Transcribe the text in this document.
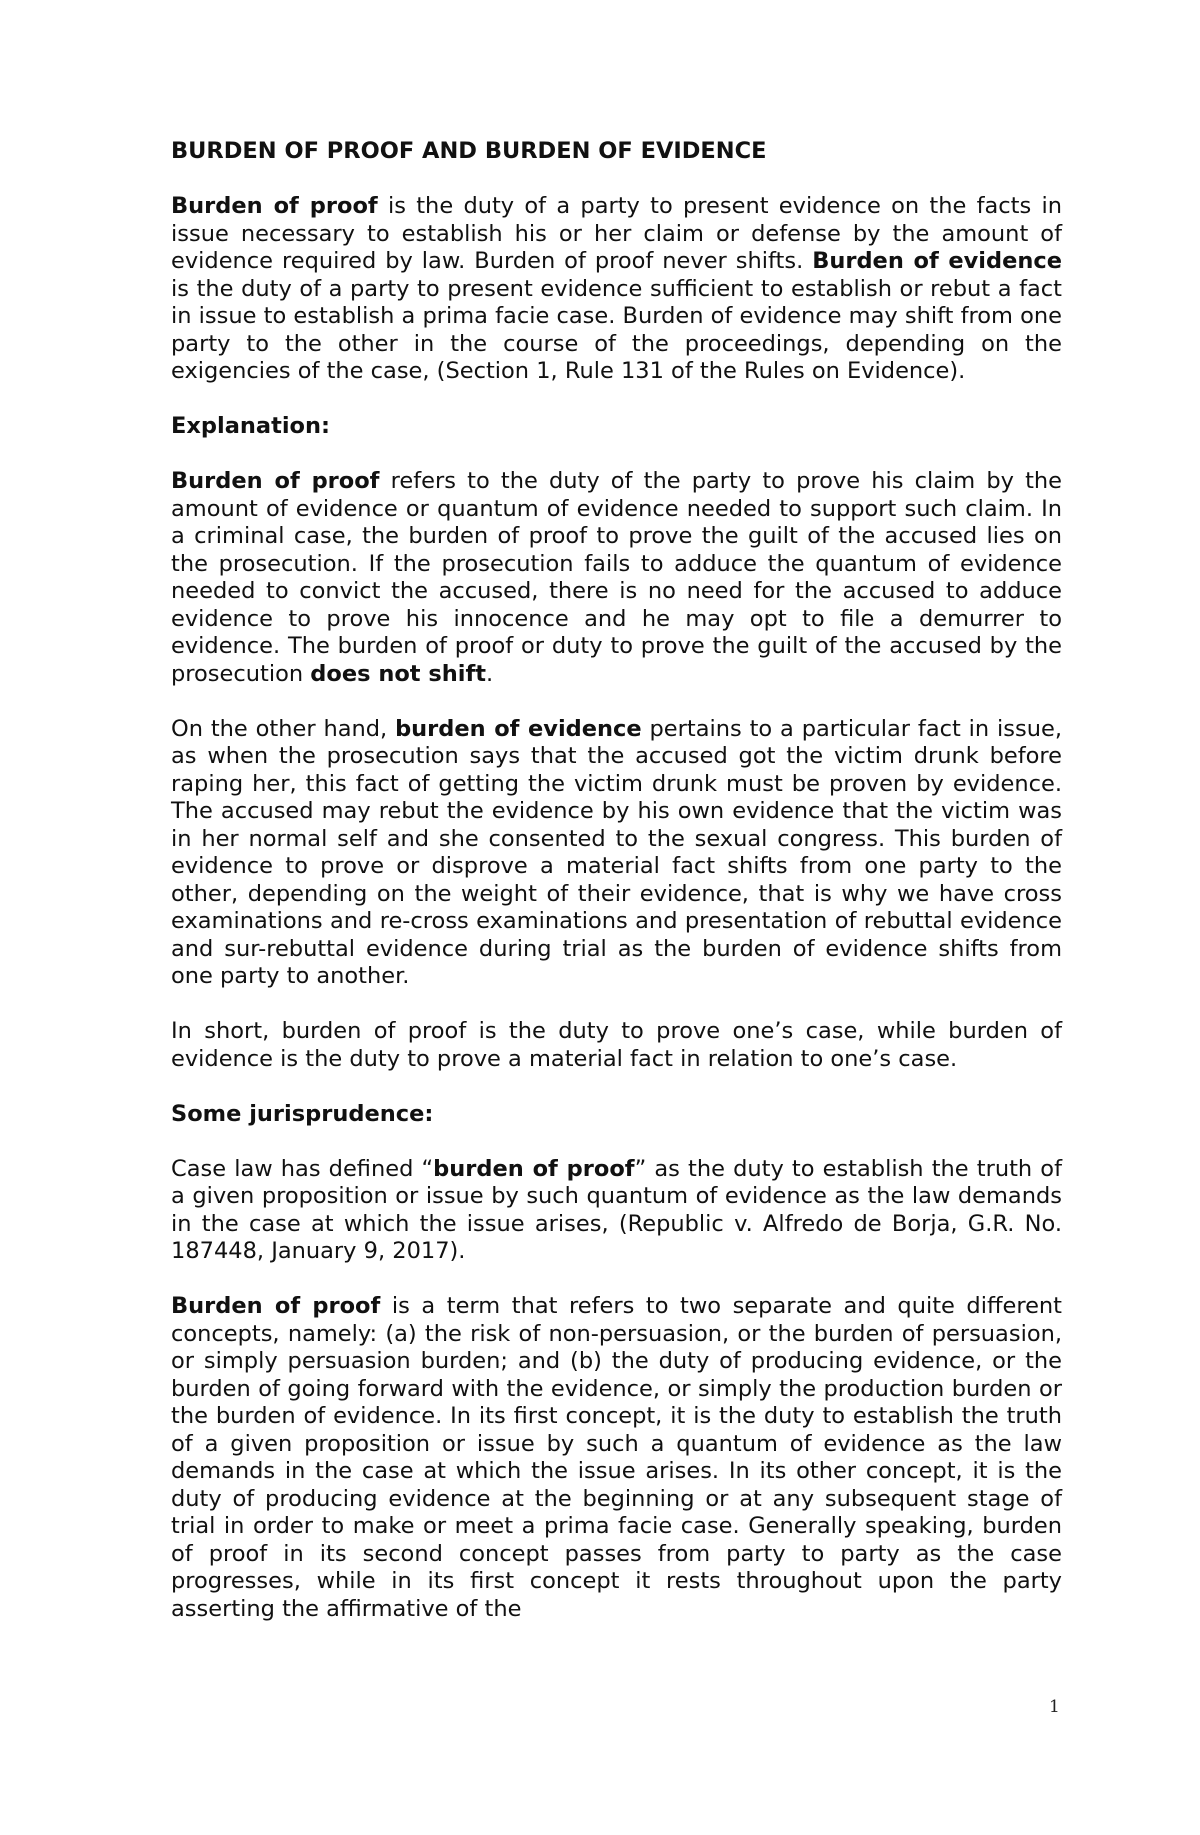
BURDEN OF PROOF AND BURDEN OF EVIDENCE

Burden of proof is the duty of a party to present evidence on the facts in issue necessary to establish his or her claim or defense by the amount of evidence required by law. Burden of proof never shifts. Burden of evidence is the duty of a party to present evidence sufficient to establish or rebut a fact in issue to establish a prima facie case. Burden of evidence may shift from one party to the other in the course of the proceedings, depending on the exigencies of the case, (Section 1, Rule 131 of the Rules on Evidence).

Explanation:

Burden of proof refers to the duty of the party to prove his claim by the amount of evidence or quantum of evidence needed to support such claim. In a criminal case, the burden of proof to prove the guilt of the accused lies on the prosecution. If the prosecution fails to adduce the quantum of evidence needed to convict the accused, there is no need for the accused to adduce evidence to prove his innocence and he may opt to file a demurrer to evidence. The burden of proof or duty to prove the guilt of the accused by the prosecution does not shift.

On the other hand, burden of evidence pertains to a particular fact in issue, as when the prosecution says that the accused got the victim drunk before raping her, this fact of getting the victim drunk must be proven by evidence. The accused may rebut the evidence by his own evidence that the victim was in her normal self and she consented to the sexual congress. This burden of evidence to prove or disprove a material fact shifts from one party to the other, depending on the weight of their evidence, that is why we have cross examinations and re-cross examinations and presentation of rebuttal evidence and sur-rebuttal evidence during trial as the burden of evidence shifts from one party to another.

In short, burden of proof is the duty to prove one’s case, while burden of evidence is the duty to prove a material fact in relation to one’s case.

Some jurisprudence:

Case law has defined “burden of proof” as the duty to establish the truth of a given proposition or issue by such quantum of evidence as the law demands in the case at which the issue arises, (Republic v. Alfredo de Borja, G.R. No. 187448, January 9, 2017).

Burden of proof is a term that refers to two separate and quite different concepts, namely: (a) the risk of non-persuasion, or the burden of persuasion, or simply persuasion burden; and (b) the duty of producing evidence, or the burden of going forward with the evidence, or simply the production burden or the burden of evidence. In its first concept, it is the duty to establish the truth of a given proposition or issue by such a quantum of evidence as the law demands in the case at which the issue arises. In its other concept, it is the duty of producing evidence at the beginning or at any subsequent stage of trial in order to make or meet a prima facie case. Generally speaking, burden of proof in its second concept passes from party to party as the case progresses, while in its first concept it rests throughout upon the party asserting the affirmative of the

1
